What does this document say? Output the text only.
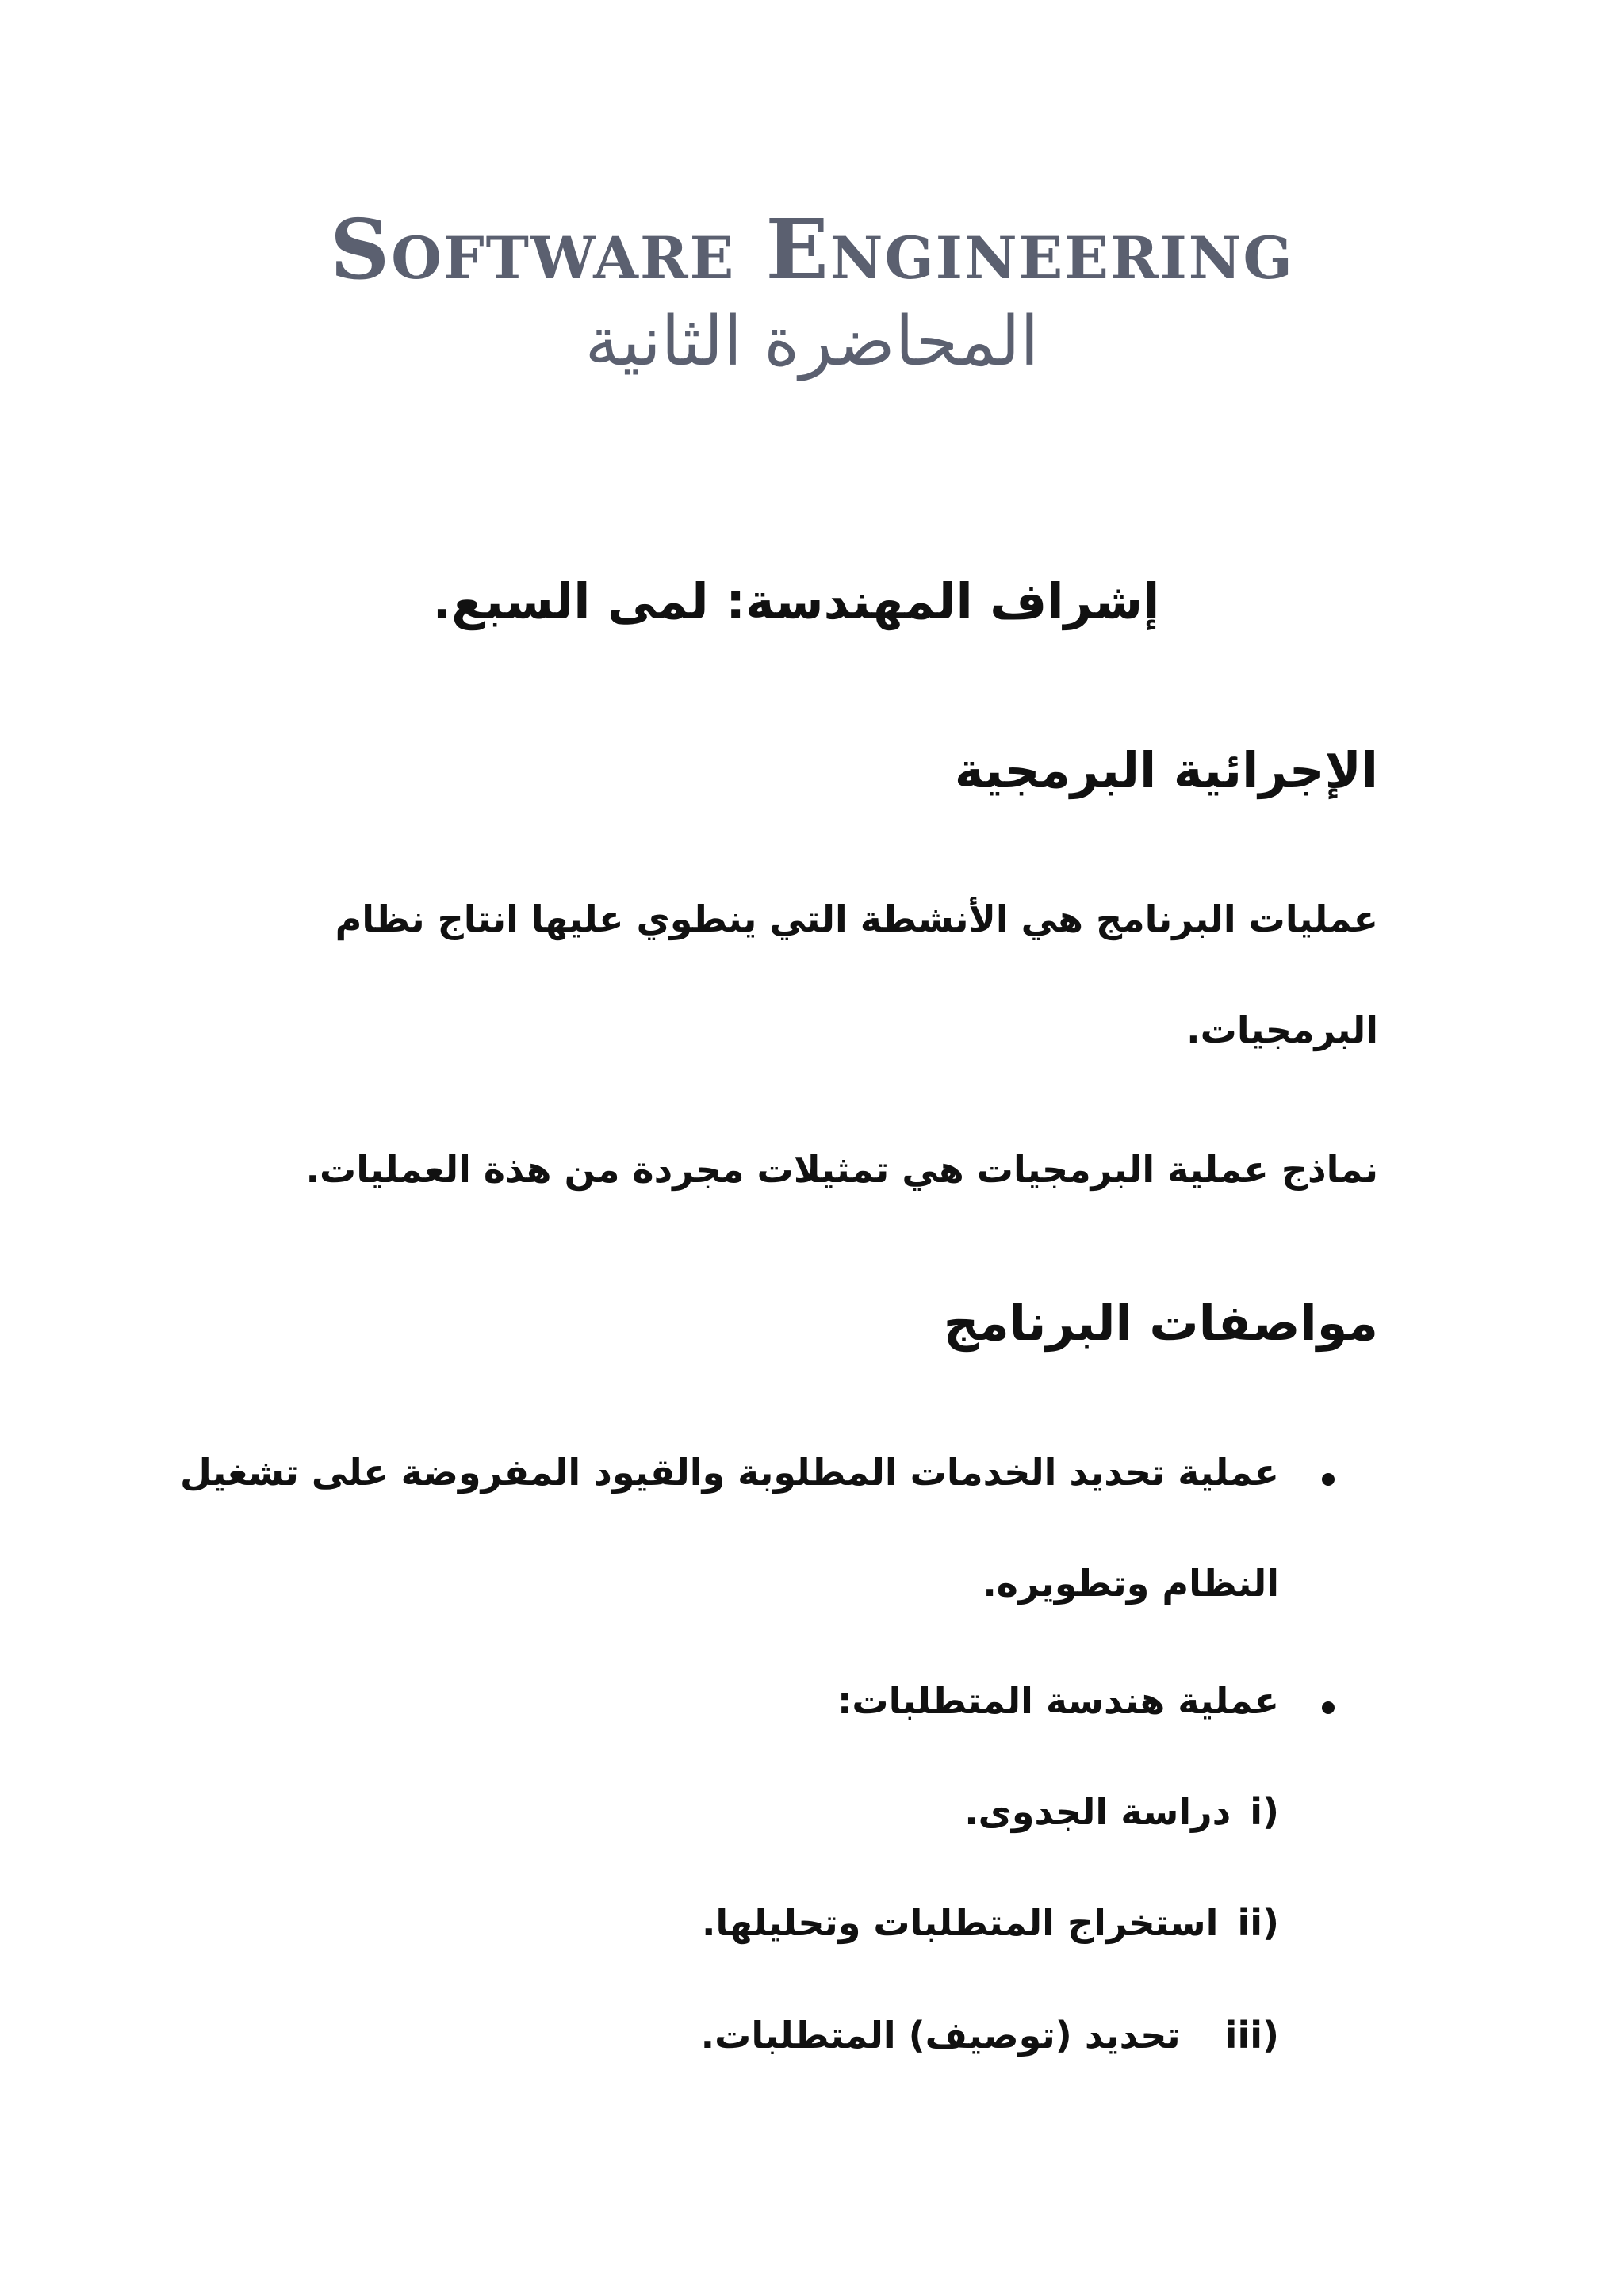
Software Engineering
المحاضرة الثانية
إشراف المهندسة: لمى السبع.
الإجرائية البرمجية
عمليات البرنامج هي الأنشطة التي ينطوي عليها انتاج نظام
البرمجيات.
نماذج عملية البرمجيات هي تمثيلات مجردة من هذة العمليات.
مواصفات البرنامج
عملية تحديد الخدمات المطلوبة والقيود المفروضة على تشغيل
النظام وتطويره.
عملية هندسة المتطلبات:
i)دراسة الجدوى.
ii)استخراج المتطلبات وتحليلها.
iii)تحديد (توصيف) المتطلبات.
